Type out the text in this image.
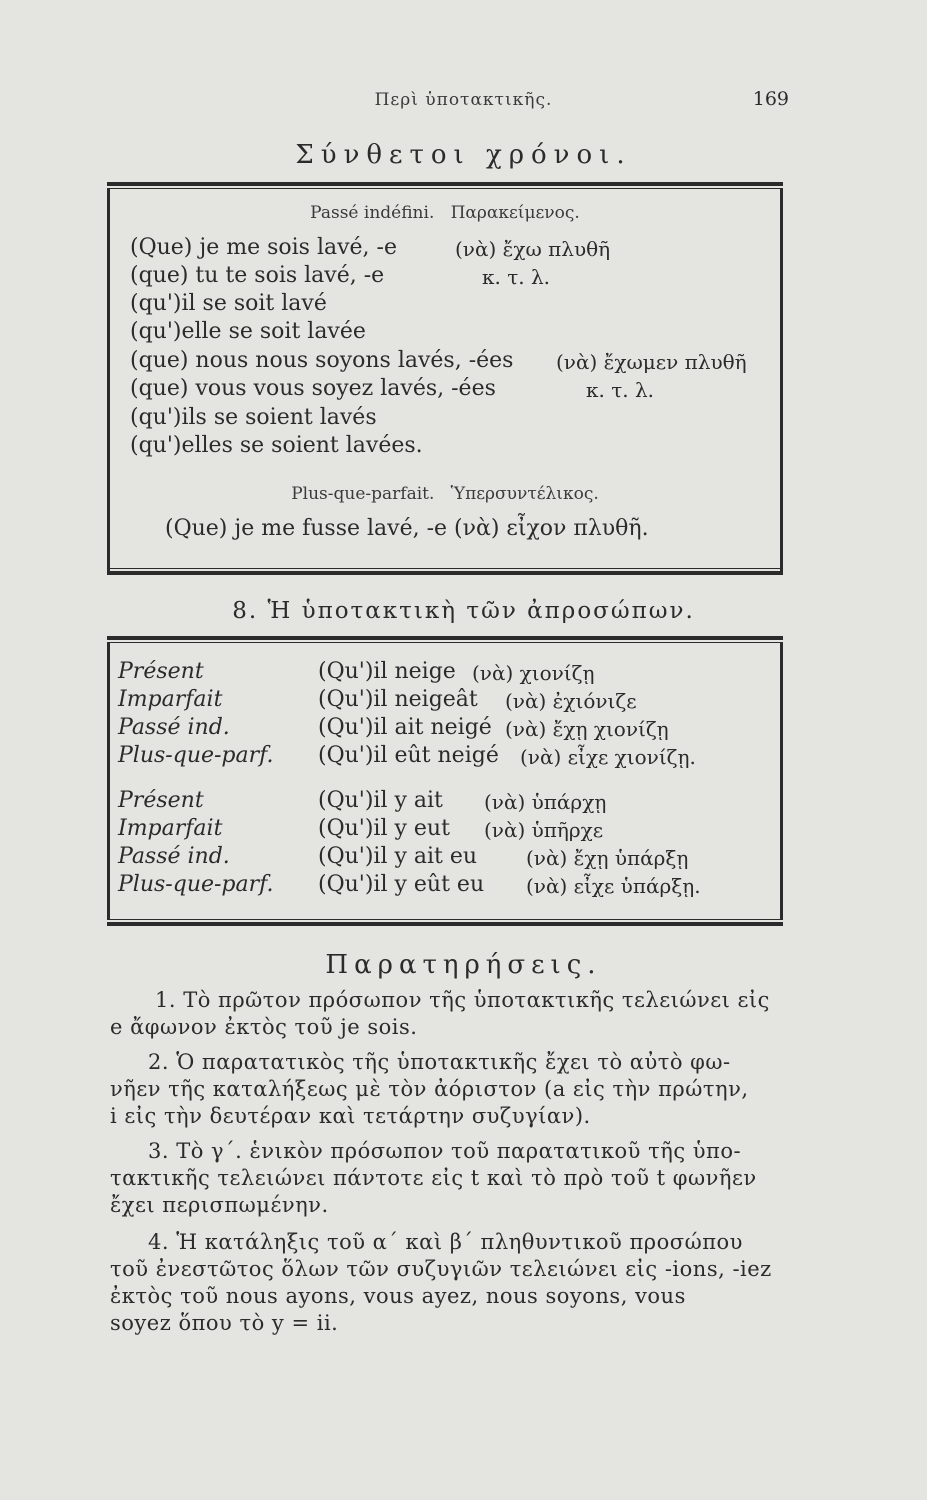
Περὶ ὑποτακτικῆς.	169
Σύνθετοι χρόνοι.
Passé indéfini. Παρακείμενος.
(Que) je me sois lavé, -e	(νὰ) ἔχω πλυθῆ
(que) tu te sois lavé, -e	κ. τ. λ.
(qu')il se soit lavé
(qu')elle se soit lavée
(que) nous nous soyons lavés, -ées (νὰ) ἔχωμεν πλυθῆ
(que) vous vous soyez lavés, -ées	κ. τ. λ.
(qu')ils se soient lavés
(qu')elles se soient lavées.
Plus-que-parfait. Ὑπερσυντέλικος.
(Que) je me fusse lavé, -e (νὰ) εἶχον πλυθῆ.
8. Ἡ ὑποτακτικὴ τῶν ἀπροσώπων.
Présent	(Qu')il neige (νὰ) χιονίζῃ
Imparfait	(Qu')il neigeât (νὰ) ἐχιόνιζε
Passé ind.	(Qu')il ait neigé (νὰ) ἔχῃ χιονίζῃ
Plus-que-parf. (Qu')il eût neigé (νὰ) εἶχε χιονίζῃ.
Présent	(Qu')il y ait (νὰ) ὑπάρχῃ
Imparfait	(Qu')il y eut (νὰ) ὑπῆρχε
Passé ind.	(Qu')il y ait eu (νὰ) ἔχῃ ὑπάρξῃ
Plus-que-parf. (Qu')il y eût eu (νὰ) εἶχε ὑπάρξῃ.
Παρατηρήσεις.
1. Τὸ πρῶτον πρόσωπον τῆς ὑποτακτικῆς τελειώνει εἰς
e ἄφωνον ἐκτὸς τοῦ je sois.
2. Ὁ παρατατικὸς τῆς ὑποτακτικῆς ἔχει τὸ αὐτὸ φω-
νῆεν τῆς καταλήξεως μὲ τὸν ἀόριστον (a εἰς τὴν πρώτην,
i εἰς τὴν δευτέραν καὶ τετάρτην συζυγίαν).
3. Τὸ γ΄. ἑνικὸν πρόσωπον τοῦ παρατατικοῦ τῆς ὑπο-
τακτικῆς τελειώνει πάντοτε εἰς t καὶ τὸ πρὸ τοῦ t φωνῆεν
ἔχει περισπωμένην.
4. Ἡ κατάληξις τοῦ α΄ καὶ β΄ πληθυντικοῦ προσώπου
τοῦ ἐνεστῶτος ὅλων τῶν συζυγιῶν τελειώνει εἰς -ions, -iez
ἐκτὸς τοῦ nous ayons, vous ayez, nous soyons, vous
soyez ὅπου τὸ y = ii.
